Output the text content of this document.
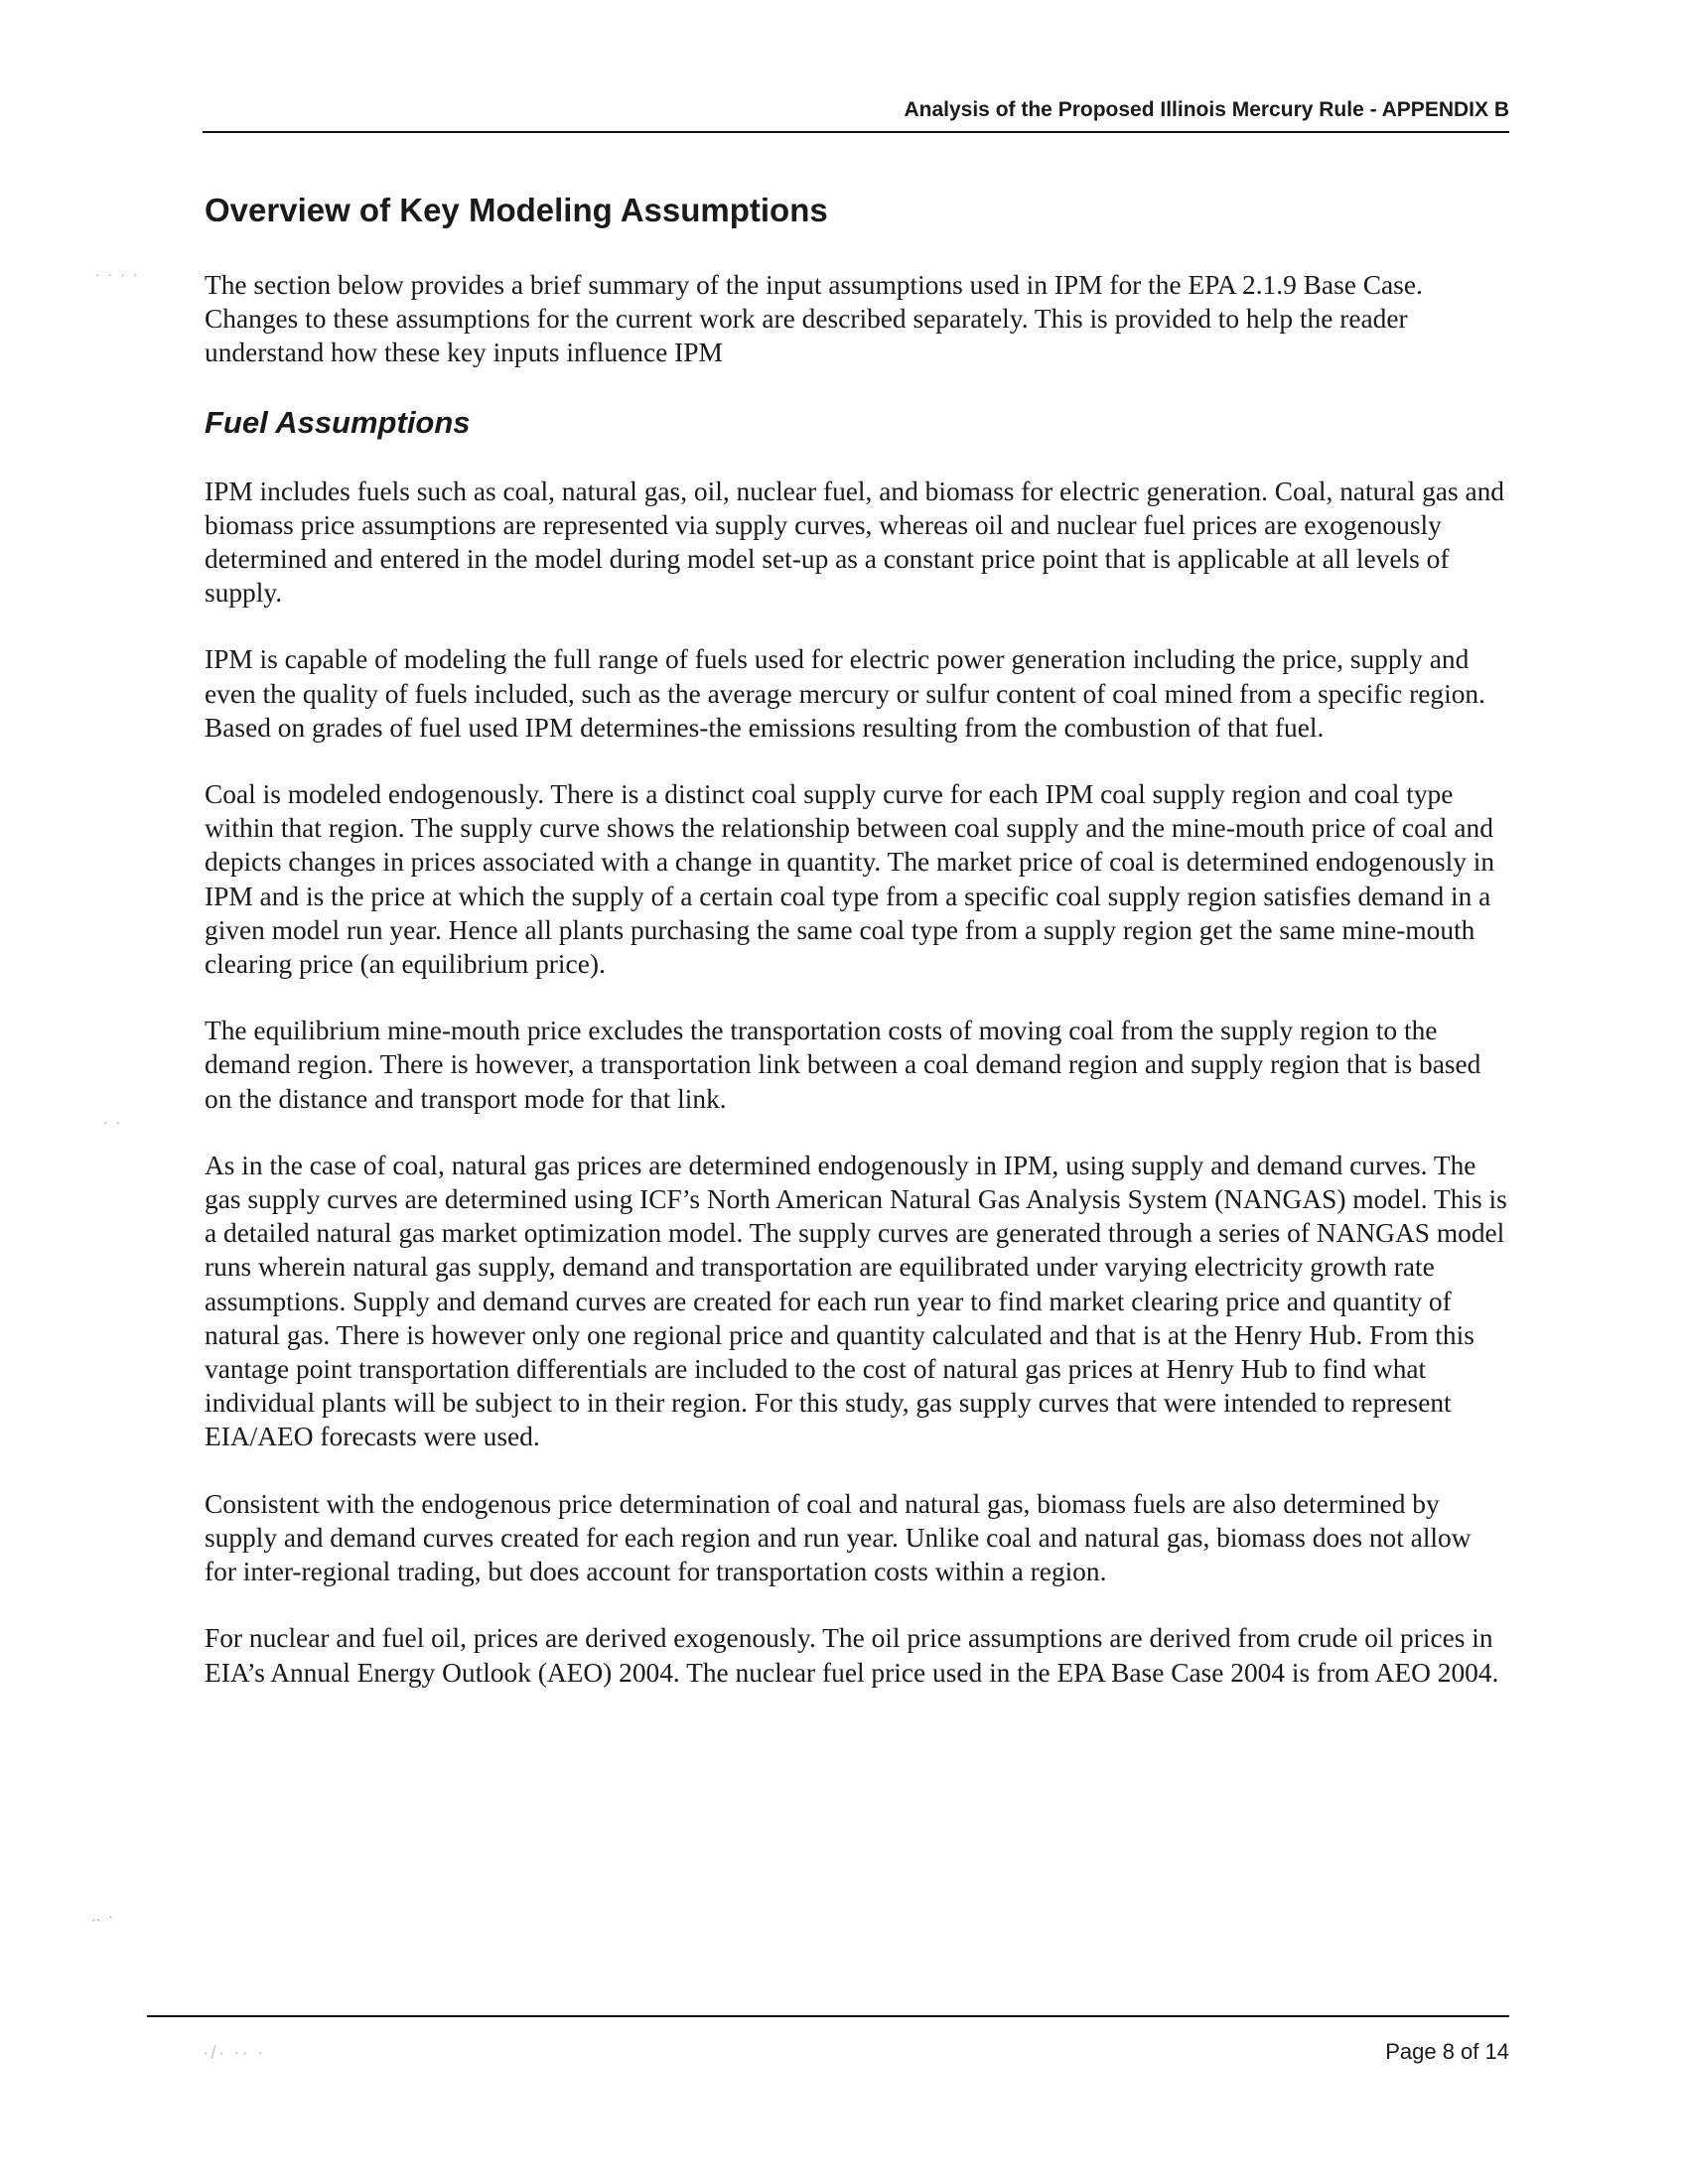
Analysis of the Proposed Illinois Mercury Rule - APPENDIX B
· · · ·
· ·
‥ ·
Overview of Key Modeling Assumptions

The section below provides a brief summary of the input assumptions used in IPM for the EPA 2.1.9 Base Case. Changes to these assumptions for the current work are described separately. This is provided to help the reader understand how these key inputs influence IPM

Fuel Assumptions

IPM includes fuels such as coal, natural gas, oil, nuclear fuel, and biomass for electric generation. Coal, natural gas and biomass price assumptions are represented via supply curves, whereas oil and nuclear fuel prices are exogenously determined and entered in the model during model set-up as a constant price point that is applicable at all levels of supply.

IPM is capable of modeling the full range of fuels used for electric power generation including the price, supply and even the quality of fuels included, such as the average mercury or sulfur content of coal mined from a specific region. Based on grades of fuel used IPM determines-the emissions resulting from the combustion of that fuel.

Coal is modeled endogenously. There is a distinct coal supply curve for each IPM coal supply region and coal type within that region. The supply curve shows the relationship between coal supply and the mine-mouth price of coal and depicts changes in prices associated with a change in quantity. The market price of coal is determined endogenously in IPM and is the price at which the supply of a certain coal type from a specific coal supply region satisfies demand in a given model run year. Hence all plants purchasing the same coal type from a supply region get the same mine-mouth clearing price (an equilibrium price).

The equilibrium mine-mouth price excludes the transportation costs of moving coal from the supply region to the demand region. There is however, a transportation link between a coal demand region and supply region that is based on the distance and transport mode for that link.

As in the case of coal, natural gas prices are determined endogenously in IPM, using supply and demand curves. The gas supply curves are determined using ICF’s North American Natural Gas Analysis System (NANGAS) model. This is a detailed natural gas market optimization model. The supply curves are generated through a series of NANGAS model runs wherein natural gas supply, demand and transportation are equilibrated under varying electricity growth rate assumptions. Supply and demand curves are created for each run year to find market clearing price and quantity of natural gas. There is however only one regional price and quantity calculated and that is at the Henry Hub. From this vantage point transportation differentials are included to the cost of natural gas prices at Henry Hub to find what individual plants will be subject to in their region. For this study, gas supply curves that were intended to represent EIA/AEO forecasts were used.

Consistent with the endogenous price determination of coal and natural gas, biomass fuels are also determined by supply and demand curves created for each region and run year. Unlike coal and natural gas, biomass does not allow for inter-regional trading, but does account for transportation costs within a region.

For nuclear and fuel oil, prices are derived exogenously. The oil price assumptions are derived from crude oil prices in EIA’s Annual Energy Outlook (AEO) 2004. The nuclear fuel price used in the EPA Base Case 2004 is from AEO 2004.

·/· ·· ·	Page 8 of 14
